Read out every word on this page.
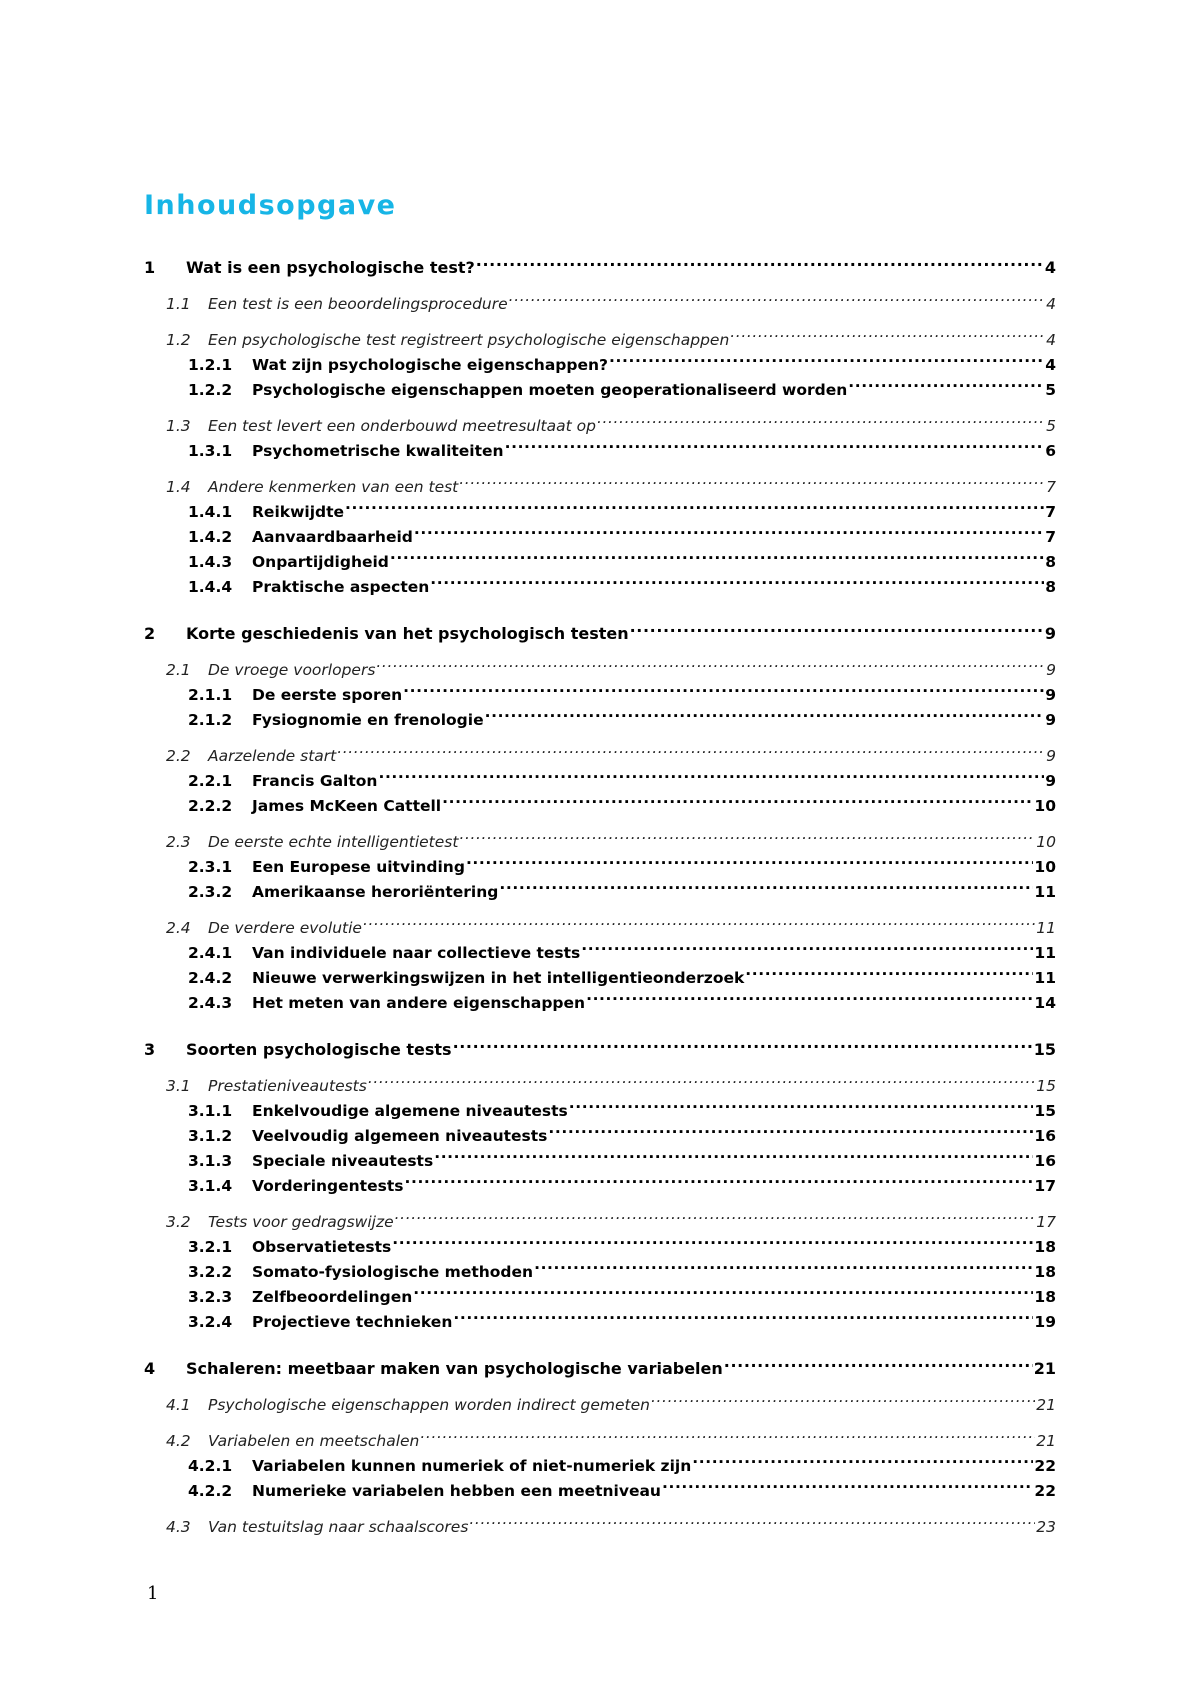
Inhoudsopgave
1	Wat is een psychologische test? .....	4
1.1	Een test is een beoordelingsprocedure .....	4
1.2	Een psychologische test registreert psychologische eigenschappen .....	4
1.2.1	Wat zijn psychologische eigenschappen? .....	4
1.2.2	Psychologische eigenschappen moeten geoperationaliseerd worden .....	5
1.3	Een test levert een onderbouwd meetresultaat op .....	5
1.3.1	Psychometrische kwaliteiten .....	6
1.4	Andere kenmerken van een test .....	7
1.4.1	Reikwijdte .....	7
1.4.2	Aanvaardbaarheid .....	7
1.4.3	Onpartijdigheid .....	8
1.4.4	Praktische aspecten .....	8
2	Korte geschiedenis van het psychologisch testen .....	9
2.1	De vroege voorlopers .....	9
2.1.1	De eerste sporen .....	9
2.1.2	Fysiognomie en frenologie .....	9
2.2	Aarzelende start .....	9
2.2.1	Francis Galton .....	9
2.2.2	James McKeen Cattell .....	10
2.3	De eerste echte intelligentietest .....	10
2.3.1	Een Europese uitvinding .....	10
2.3.2	Amerikaanse heroriëntering .....	11
2.4	De verdere evolutie .....	11
2.4.1	Van individuele naar collectieve tests .....	11
2.4.2	Nieuwe verwerkingswijzen in het intelligentieonderzoek .....	11
2.4.3	Het meten van andere eigenschappen .....	14
3	Soorten psychologische tests .....	15
3.1	Prestatieniveautests .....	15
3.1.1	Enkelvoudige algemene niveautests .....	15
3.1.2	Veelvoudig algemeen niveautests .....	16
3.1.3	Speciale niveautests .....	16
3.1.4	Vorderingentests .....	17
3.2	Tests voor gedragswijze .....	17
3.2.1	Observatietests .....	18
3.2.2	Somato-fysiologische methoden .....	18
3.2.3	Zelfbeoordelingen .....	18
3.2.4	Projectieve technieken .....	19
4	Schaleren: meetbaar maken van psychologische variabelen .....	21
4.1	Psychologische eigenschappen worden indirect gemeten .....	21
4.2	Variabelen en meetschalen .....	21
4.2.1	Variabelen kunnen numeriek of niet-numeriek zijn .....	22
4.2.2	Numerieke variabelen hebben een meetniveau .....	22
4.3	Van testuitslag naar schaalscores .....	23
1
